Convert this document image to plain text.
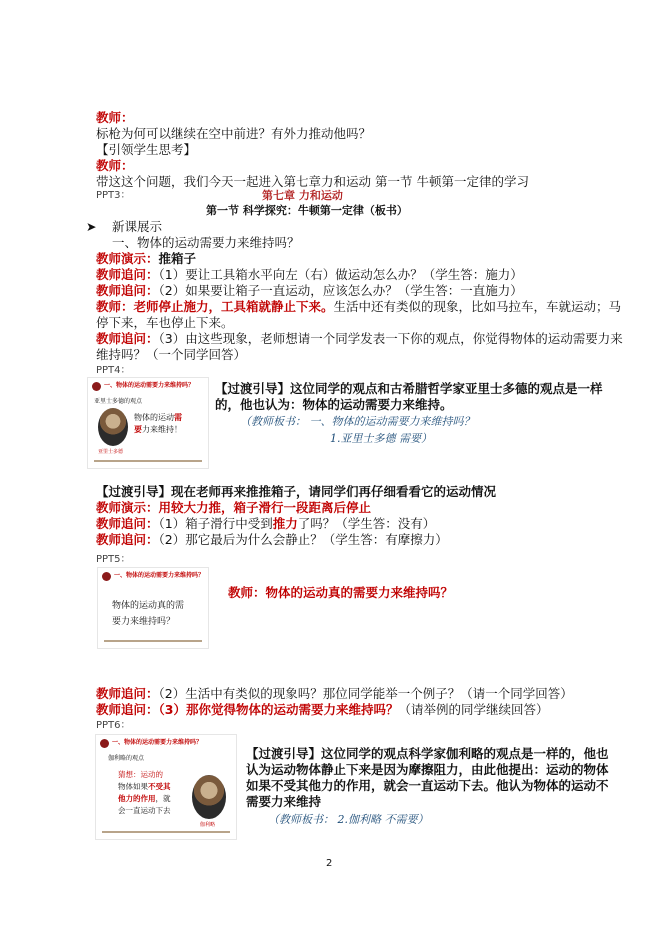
教师：
标枪为何可以继续在空中前进？有外力推动他吗？
【引领学生思考】
教师：
带这这个问题，我们今天一起进入第七章力和运动 第一节 牛顿第一定律的学习
PPT3：	第七章 力和运动
第一节 科学探究：牛顿第一定律（板书）
➤ 新课展示
一、物体的运动需要力来维持吗？
教师演示：推箱子
教师追问：（1）要让工具箱水平向左（右）做运动怎么办？（学生答：施力）
教师追问：（2）如果要让箱子一直运动，应该怎么办？（学生答：一直施力）
教师：老师停止施力，工具箱就静止下来。生活中还有类似的现象，比如马拉车，车就运动；马
停下来，车也停止下来。
教师追问：（3）由这些现象，老师想请一个同学发表一下你的观点，你觉得物体的运动需要力来
维持吗？（一个同学回答）
PPT4：
一、物体的运动需要力来维持吗？
亚里士多德的观点
物体的运动需
要力来维持！
亚里士多德
【过渡引导】这位同学的观点和古希腊哲学家亚里士多德的观点是一样
的，他也认为：物体的运动需要力来维持。
（教师板书： 一、物体的运动需要力来维持吗？
1.亚里士多德 需要）
【过渡引导】现在老师再来推推箱子，请同学们再仔细看看它的运动情况
教师演示：用较大力推，箱子滑行一段距离后停止
教师追问：（1）箱子滑行中受到推力了吗？（学生答：没有）
教师追问：（2）那它最后为什么会静止？（学生答：有摩擦力）
PPT5：
一、物体的运动需要力来维持吗？
物体的运动真的需
要力来维持吗？
教师：物体的运动真的需要力来维持吗？
教师追问：（2）生活中有类似的现象吗？那位同学能举一个例子？（请一个同学回答）
教师追问：（3）那你觉得物体的运动需要力来维持吗？（请举例的同学继续回答）
PPT6：
一、物体的运动需要力来维持吗？
伽利略的观点
猜想：运动的
物体如果不受其
他力的作用，就
会一直运动下去
伽利略
【过渡引导】这位同学的观点科学家伽利略的观点是一样的，他也
认为运动物体静止下来是因为摩擦阻力，由此他提出：运动的物体
如果不受其他力的作用，就会一直运动下去。他认为物体的运动不
需要力来维持
（教师板书： 2.伽利略 不需要）
2
